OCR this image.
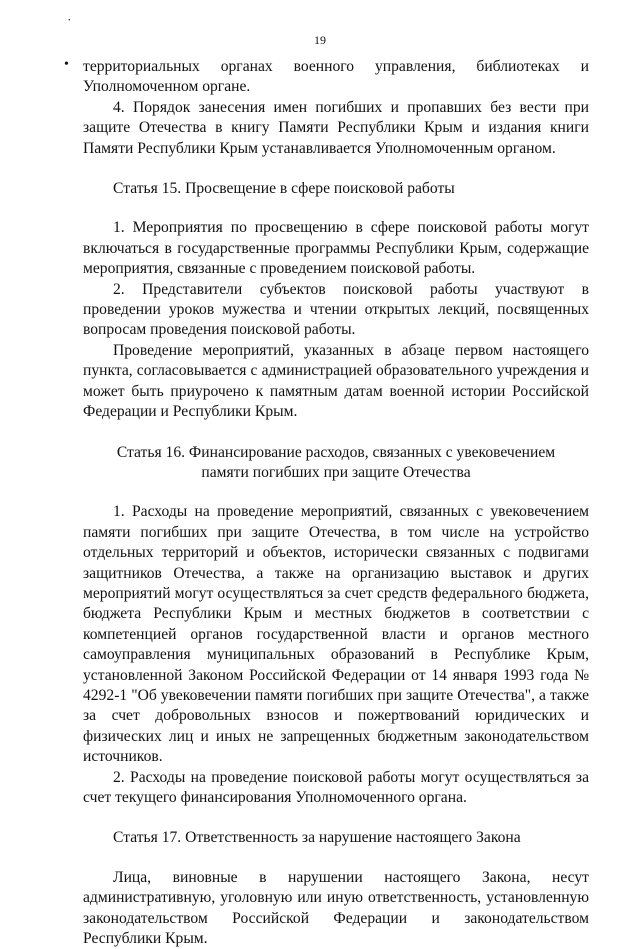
19
˙
• территориальных органах военного управления, библиотеках и Уполномоченном органе.

4. Порядок занесения имен погибших и пропавших без вести при защите Отечества в книгу Памяти Республики Крым и издания книги Памяти Республики Крым устанавливается Уполномоченным органом.

Статья 15. Просвещение в сфере поисковой работы

1. Мероприятия по просвещению в сфере поисковой работы могут включаться в государственные программы Республики Крым, содержащие мероприятия, связанные с проведением поисковой работы.

2. Представители субъектов поисковой работы участвуют в проведении уроков мужества и чтении открытых лекций, посвященных вопросам проведения поисковой работы.

Проведение мероприятий, указанных в абзаце первом настоящего пункта, согласовывается с администрацией образовательного учреждения и может быть приурочено к памятным датам военной истории Российской Федерации и Республики Крым.

Статья 16. Финансирование расходов, связанных с увековечением
памяти погибших при защите Отечества

1. Расходы на проведение мероприятий, связанных с увековечением памяти погибших при защите Отечества, в том числе на устройство отдельных территорий и объектов, исторически связанных с подвигами защитников Отечества, а также на организацию выставок и других мероприятий могут осуществляться за счет средств федерального бюджета, бюджета Республики Крым и местных бюджетов в соответствии с компетенцией органов государственной власти и органов местного самоуправления муниципальных образований в Республике Крым, установленной Законом Российской Федерации от 14 января 1993 года № 4292-1 "Об увековечении памяти погибших при защите Отечества", а также за счет добровольных взносов и пожертвований юридических и физических лиц и иных не запрещенных бюджетным законодательством источников.

2. Расходы на проведение поисковой работы могут осуществляться за счет текущего финансирования Уполномоченного органа.

Статья 17. Ответственность за нарушение настоящего Закона

Лица, виновные в нарушении настоящего Закона, несут административную, уголовную или иную ответственность, установленную законодательством Российской Федерации и законодательством Республики Крым.
